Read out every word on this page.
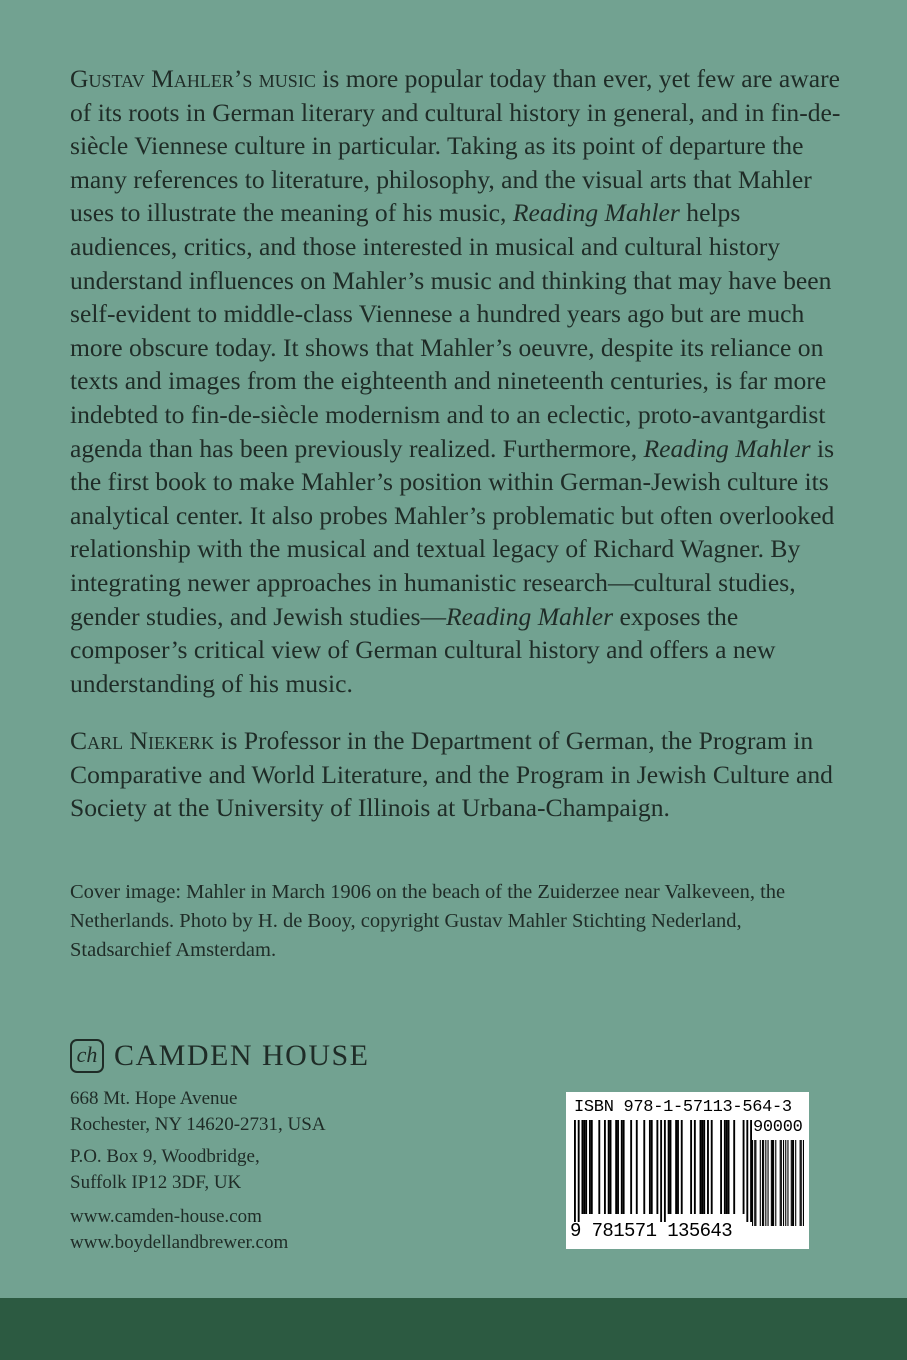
Gustav Mahler’s music is more popular today than ever, yet few are aware of its roots in German literary and cultural history in general, and in fin-de-siècle Viennese culture in particular. Taking as its point of departure the many references to literature, philosophy, and the visual arts that Mahler uses to illustrate the meaning of his music, Reading Mahler helps audiences, critics, and those interested in musical and cultural history understand influences on Mahler’s music and thinking that may have been self-evident to middle-class Viennese a hundred years ago but are much more obscure today. It shows that Mahler’s oeuvre, despite its reliance on texts and images from the eighteenth and nineteenth centuries, is far more indebted to fin-de-siècle modernism and to an eclectic, proto-avantgardist agenda than has been previously realized. Furthermore, Reading Mahler is the first book to make Mahler’s position within German-Jewish culture its analytical center. It also probes Mahler’s problematic but often overlooked relationship with the musical and textual legacy of Richard Wagner. By integrating newer approaches in humanistic research—cultural studies, gender studies, and Jewish studies—Reading Mahler exposes the composer’s critical view of German cultural history and offers a new understanding of his music.

Carl Niekerk is Professor in the Department of German, the Program in Comparative and World Literature, and the Program in Jewish Culture and Society at the University of Illinois at Urbana-Champaign.

Cover image: Mahler in March 1906 on the beach of the Zuiderzee near Valkeveen, the Netherlands. Photo by H. de Booy, copyright Gustav Mahler Stichting Nederland, Stadsarchief Amsterdam.

ch CAMDEN HOUSE
668 Mt. Hope Avenue
Rochester, NY 14620-2731, USA
P.O. Box 9, Woodbridge,
Suffolk IP12 3DF, UK
www.camden-house.com
www.boydellandbrewer.com
ISBN 978-1-57113-564-3
90000
9 781571 135643
